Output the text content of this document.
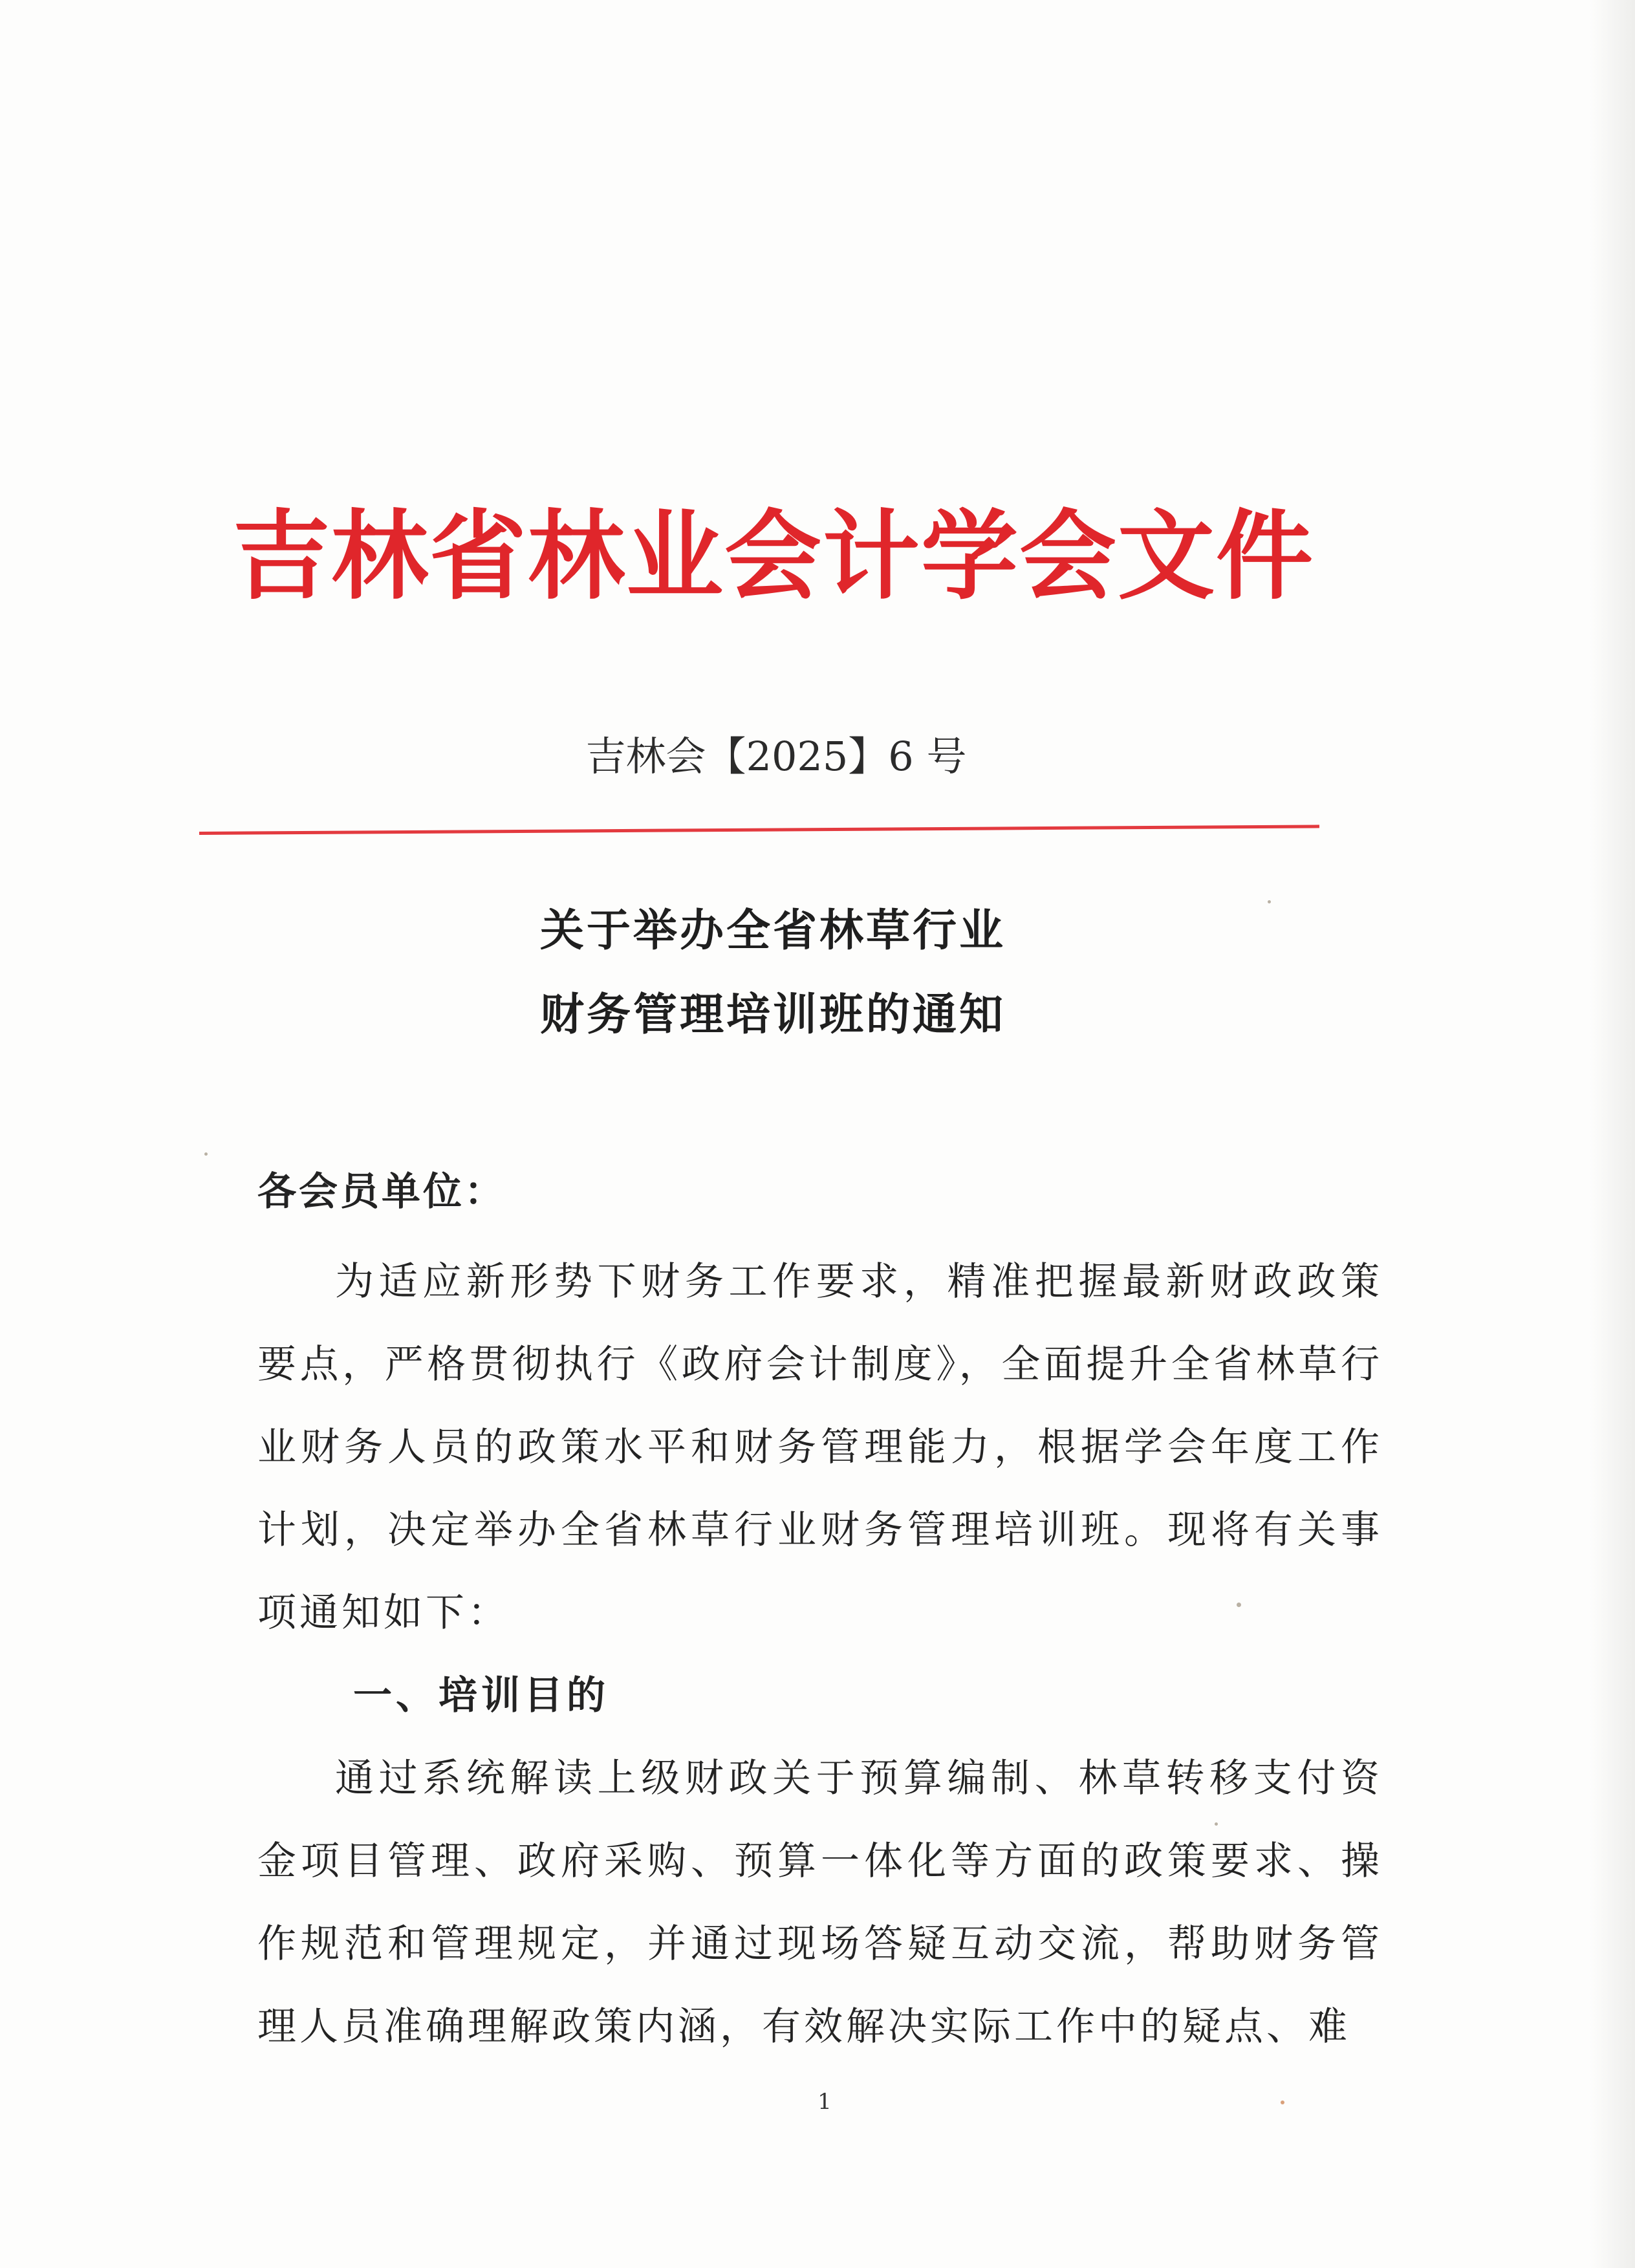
吉林省林业会计学会文件
吉林会【2025】6 号
关于举办全省林草行业
财务管理培训班的通知

各会员单位：

为适应新形势下财务工作要求，精准把握最新财政政策要点，严格贯彻执行《政府会计制度》，全面提升全省林草行业财务人员的政策水平和财务管理能力，根据学会年度工作计划，决定举办全省林草行业财务管理培训班。现将有关事项通知如下：

一、培训目的

通过系统解读上级财政关于预算编制、林草转移支付资金项目管理、政府采购、预算一体化等方面的政策要求、操作规范和管理规定，并通过现场答疑互动交流，帮助财务管理人员准确理解政策内涵，有效解决实际工作中的疑点、难

1
